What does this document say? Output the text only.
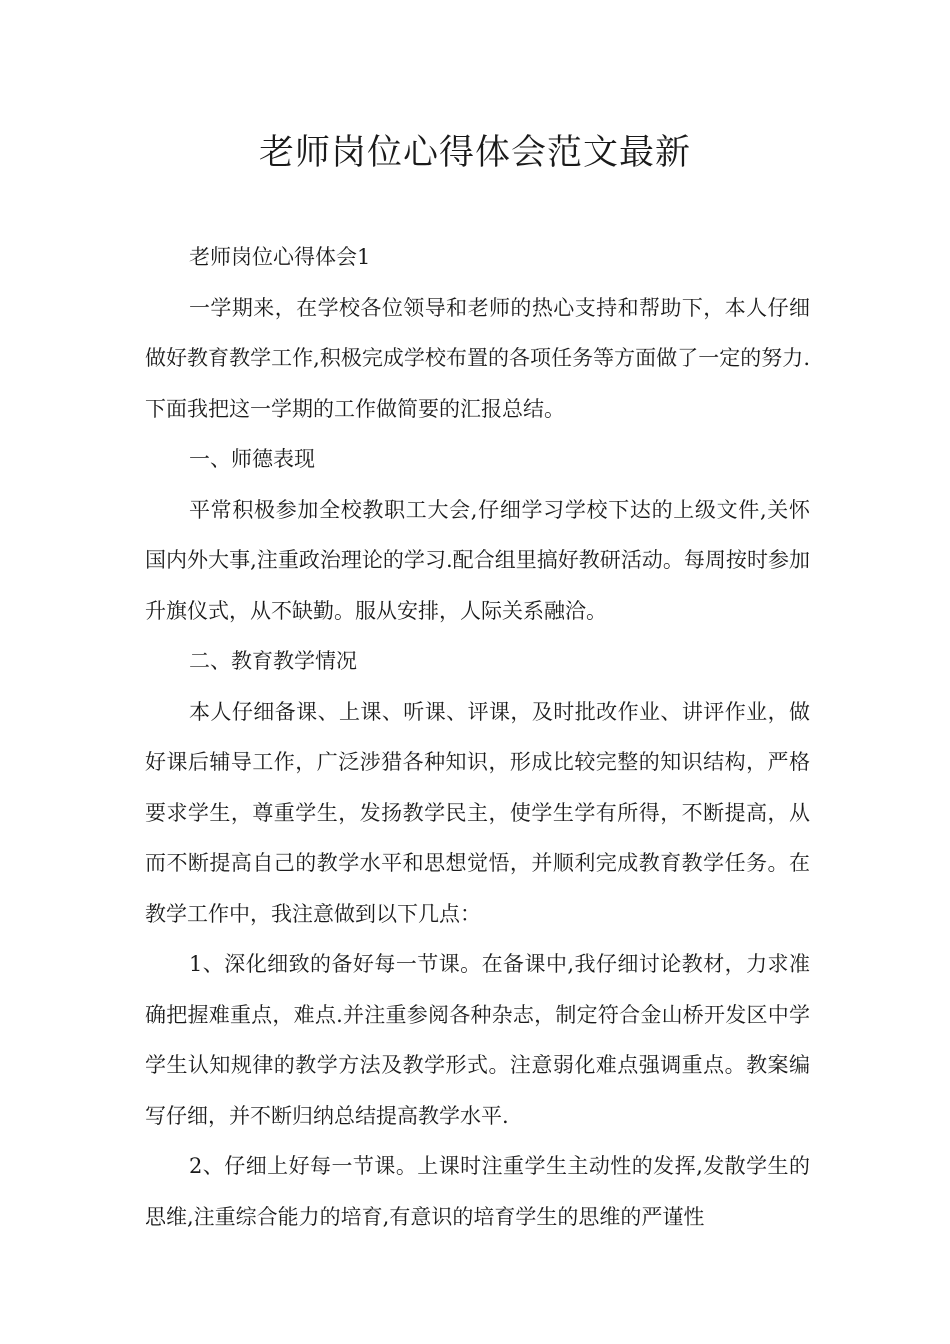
老师岗位心得体会范文最新

老师岗位心得体会1

一学期来，在学校各位领导和老师的热心支持和帮助下，本人仔细做好教育教学工作,积极完成学校布置的各项任务等方面做了一定的努力.下面我把这一学期的工作做简要的汇报总结。

一、师德表现

平常积极参加全校教职工大会,仔细学习学校下达的上级文件,关怀国内外大事,注重政治理论的学习.配合组里搞好教研活动。每周按时参加升旗仪式，从不缺勤。服从安排，人际关系融洽。

二、教育教学情况

本人仔细备课、上课、听课、评课，及时批改作业、讲评作业，做好课后辅导工作，广泛涉猎各种知识，形成比较完整的知识结构，严格要求学生，尊重学生，发扬教学民主，使学生学有所得，不断提高，从而不断提高自己的教学水平和思想觉悟，并顺利完成教育教学任务。在教学工作中，我注意做到以下几点：

1、深化细致的备好每一节课。在备课中,我仔细讨论教材，力求准确把握难重点，难点.并注重参阅各种杂志，制定符合金山桥开发区中学学生认知规律的教学方法及教学形式。注意弱化难点强调重点。教案编写仔细，并不断归纳总结提高教学水平.

2、仔细上好每一节课。上课时注重学生主动性的发挥,发散学生的思维,注重综合能力的培育,有意识的培育学生的思维的严谨性
